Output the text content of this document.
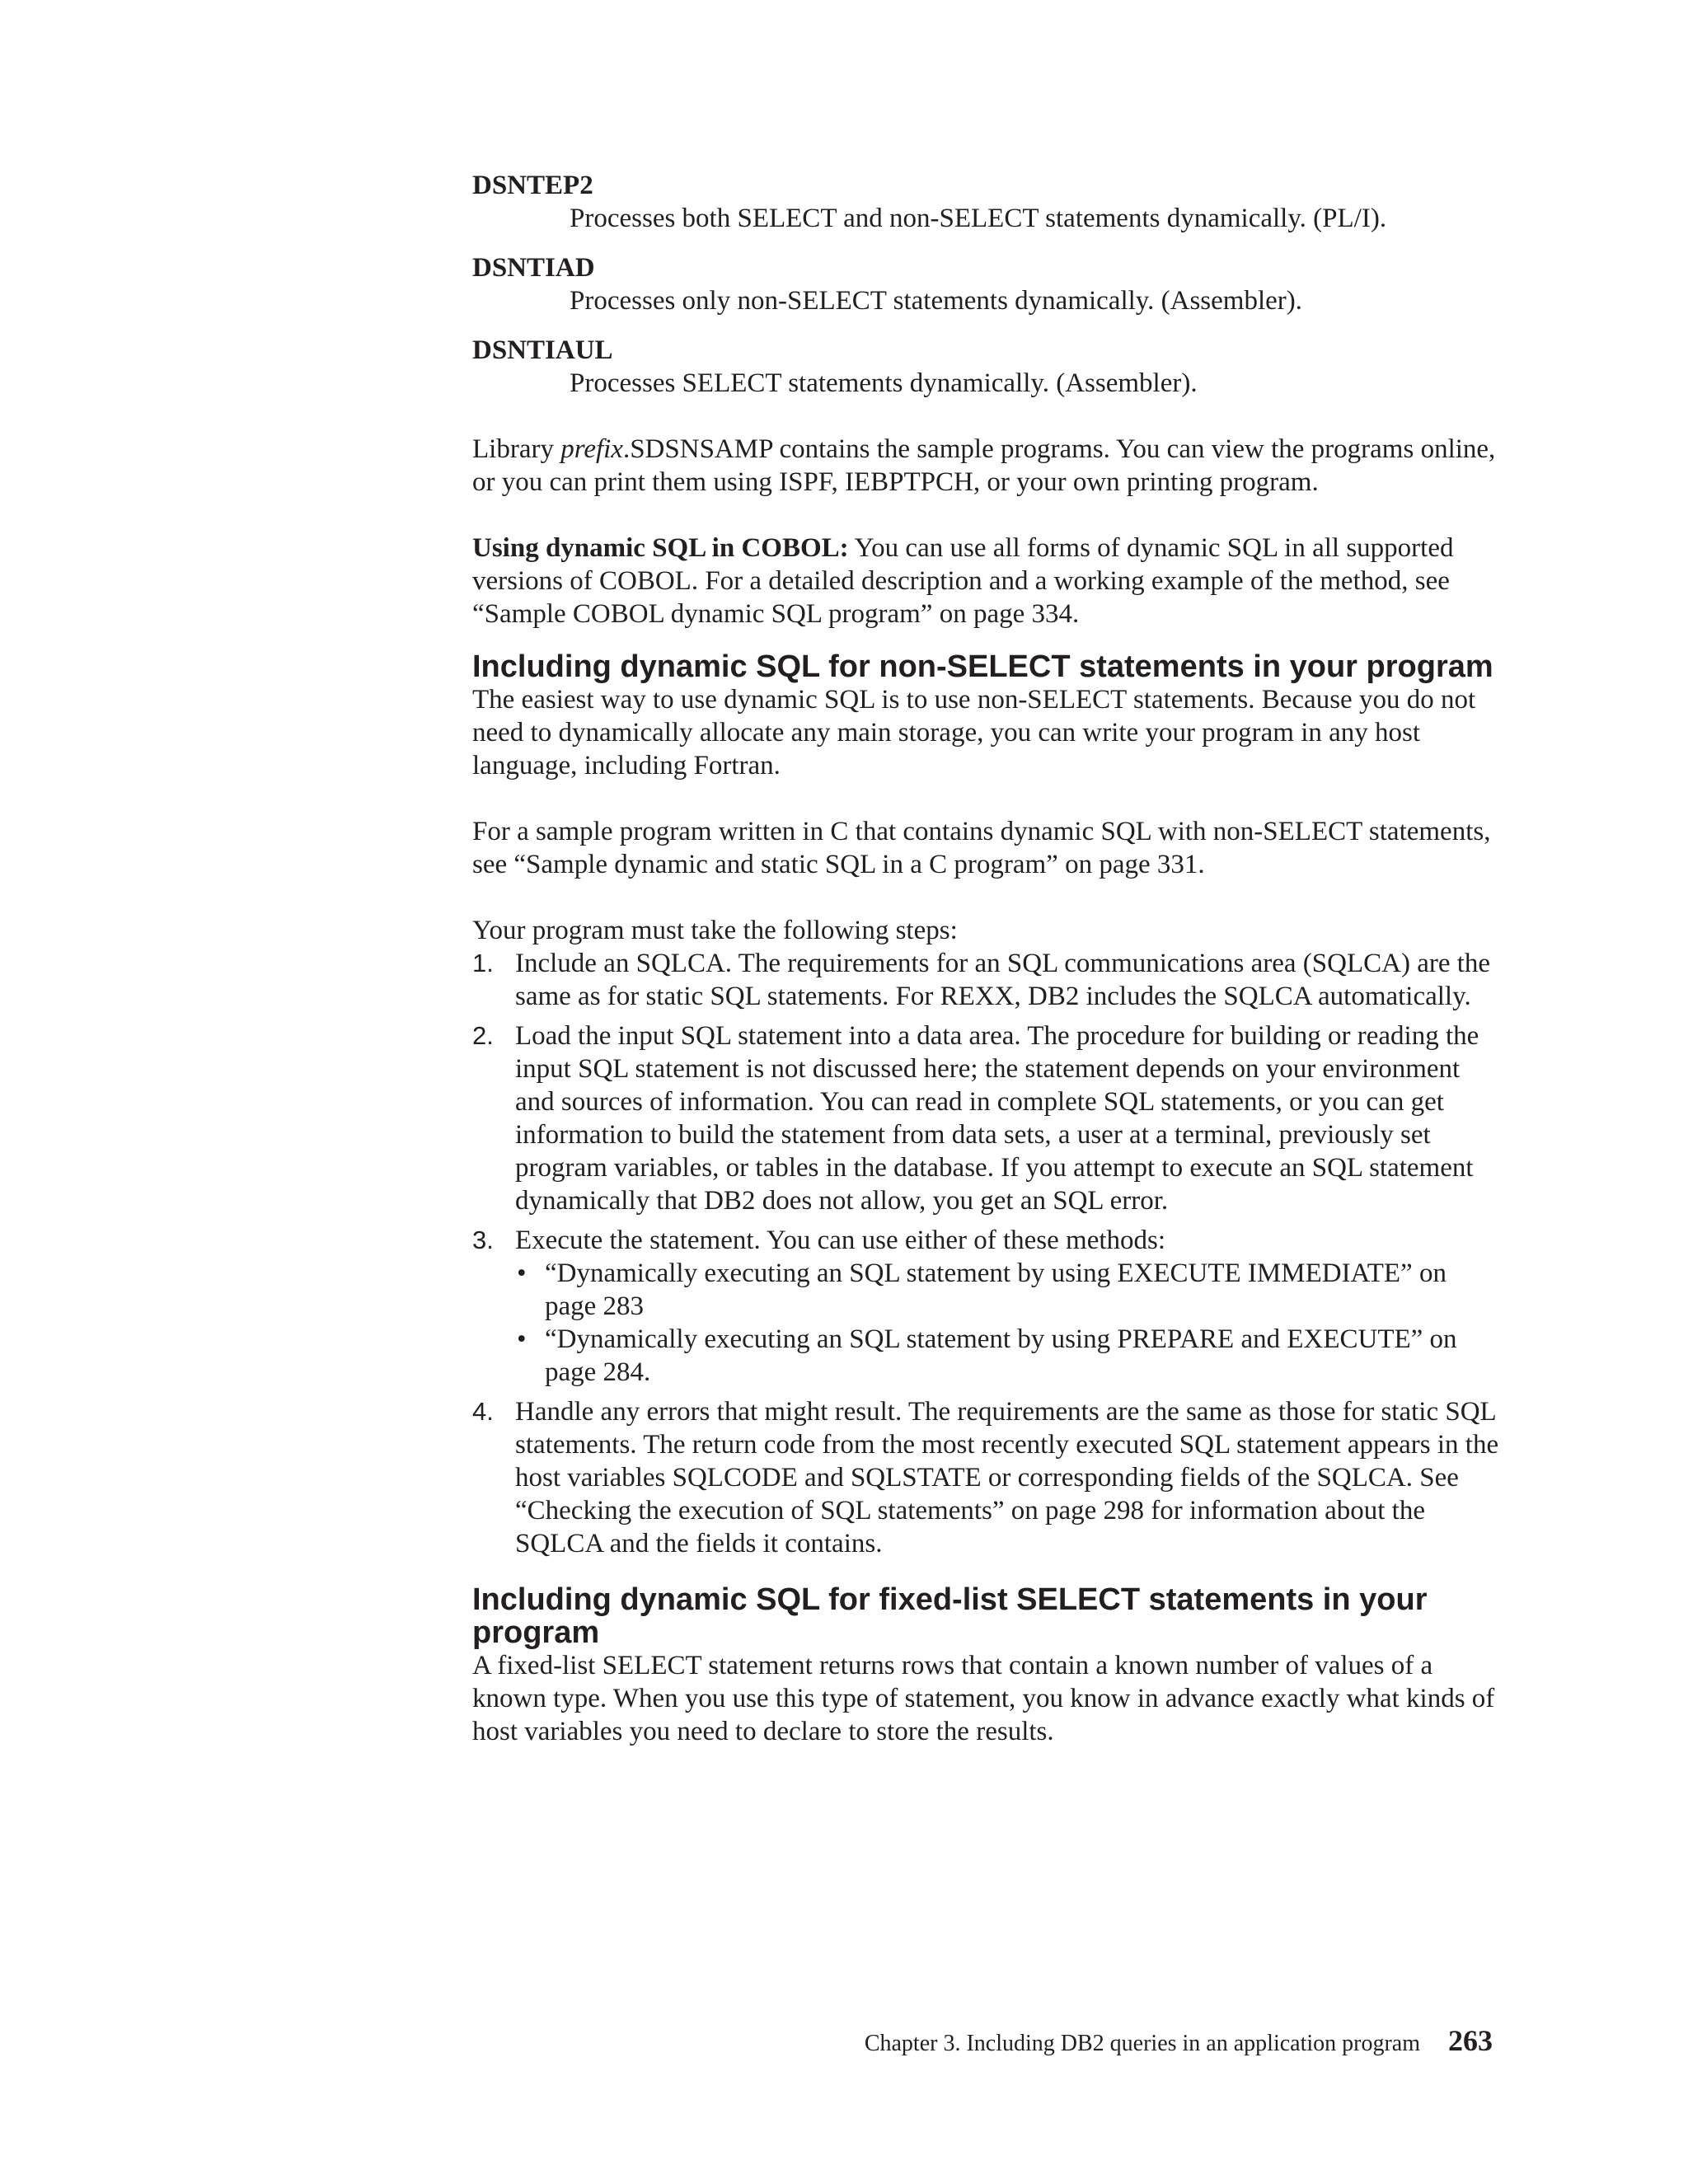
DSNTEP2
Processes both SELECT and non-SELECT statements dynamically. (PL/I).
DSNTIAD
Processes only non-SELECT statements dynamically. (Assembler).
DSNTIAUL
Processes SELECT statements dynamically. (Assembler).

Library prefix.SDSNSAMP contains the sample programs. You can view the programs online, or you can print them using ISPF, IEBPTPCH, or your own printing program.

Using dynamic SQL in COBOL: You can use all forms of dynamic SQL in all supported versions of COBOL. For a detailed description and a working example of the method, see “Sample COBOL dynamic SQL program” on page 334.

Including dynamic SQL for non-SELECT statements in your program

The easiest way to use dynamic SQL is to use non-SELECT statements. Because you do not need to dynamically allocate any main storage, you can write your program in any host language, including Fortran.

For a sample program written in C that contains dynamic SQL with non-SELECT statements, see “Sample dynamic and static SQL in a C program” on page 331.

Your program must take the following steps:

1. Include an SQLCA. The requirements for an SQL communications area (SQLCA) are the same as for static SQL statements. For REXX, DB2 includes the SQLCA automatically.
2. Load the input SQL statement into a data area. The procedure for building or reading the input SQL statement is not discussed here; the statement depends on your environment and sources of information. You can read in complete SQL statements, or you can get information to build the statement from data sets, a user at a terminal, previously set program variables, or tables in the database. If you attempt to execute an SQL statement dynamically that DB2 does not allow, you get an SQL error.
3. Execute the statement. You can use either of these methods:
• “Dynamically executing an SQL statement by using EXECUTE IMMEDIATE” on page 283
• “Dynamically executing an SQL statement by using PREPARE and EXECUTE” on page 284.
4. Handle any errors that might result. The requirements are the same as those for static SQL statements. The return code from the most recently executed SQL statement appears in the host variables SQLCODE and SQLSTATE or corresponding fields of the SQLCA. See “Checking the execution of SQL statements” on page 298 for information about the SQLCA and the fields it contains.
Including dynamic SQL for fixed-list SELECT statements in your program

A fixed-list SELECT statement returns rows that contain a known number of values of a known type. When you use this type of statement, you know in advance exactly what kinds of host variables you need to declare to store the results.

Chapter 3. Including DB2 queries in an application program 263
